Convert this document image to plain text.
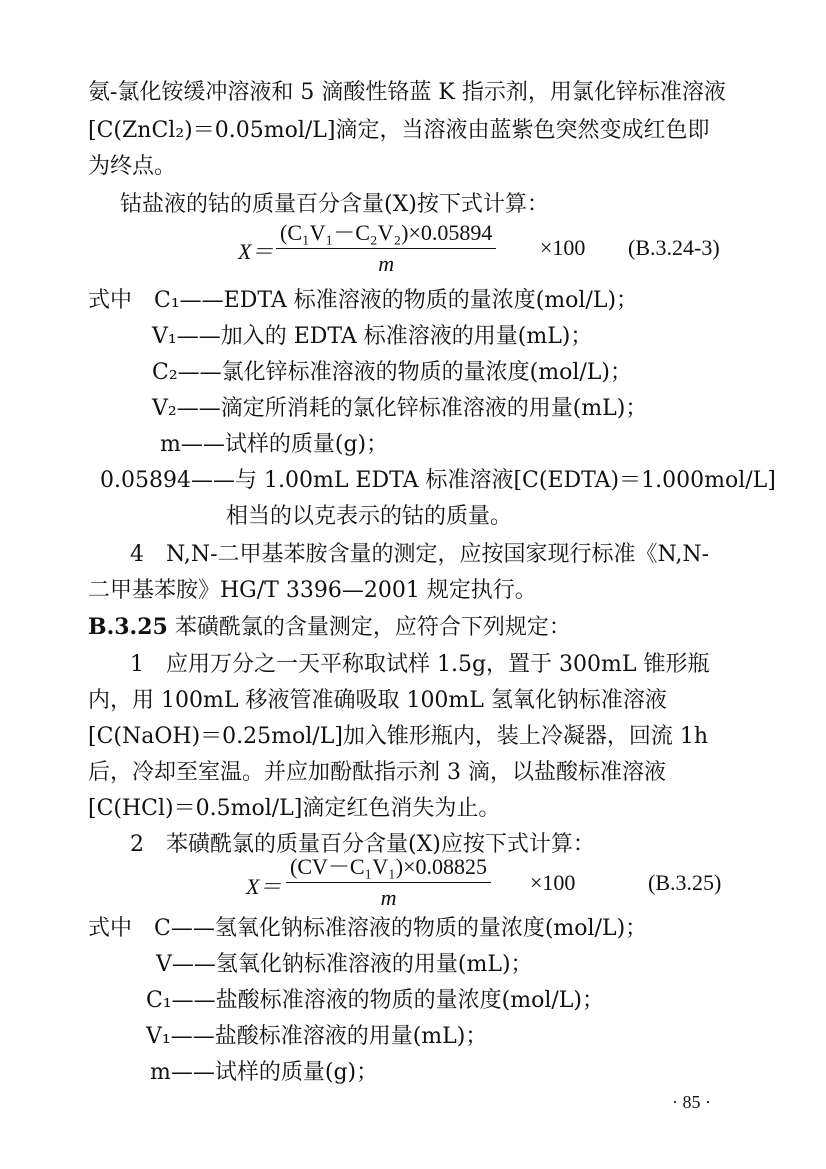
氨-氯化铵缓冲溶液和 5 滴酸性铬蓝 K 指示剂，用氯化锌标准溶液
[C(ZnCl₂)＝0.05mol/L]滴定，当溶液由蓝紫色突然变成红色即
为终点。
钴盐液的钴的质量百分含量(X)按下式计算：
$X= \frac{\text{(C₁V₁－C₂V₂)×0.05894}}{m} \times 100$ (B.3.24-3)
式中　C₁——EDTA 标准溶液的物质的量浓度(mol/L)；
V₁——加入的 EDTA 标准溶液的用量(mL)；
C₂——氯化锌标准溶液的物质的量浓度(mol/L)；
V₂——滴定所消耗的氯化锌标准溶液的用量(mL)；
m——试样的质量(g)；
0.05894——与 1.00mL EDTA 标准溶液[C(EDTA)＝1.000mol/L]
相当的以克表示的钴的质量。
4　N,N-二甲基苯胺含量的测定，应按国家现行标准《N,N-
二甲基苯胺》HG/T 3396—2001 规定执行。
B.3.25 苯磺酰氯的含量测定，应符合下列规定：
1　应用万分之一天平称取试样 1.5g，置于 300mL 锥形瓶
内，用 100mL 移液管准确吸取 100mL 氢氧化钠标准溶液
[C(NaOH)＝0.25mol/L]加入锥形瓶内，装上冷凝器，回流 1h
后，冷却至室温。并应加酚酞指示剂 3 滴，以盐酸标准溶液
[C(HCl)＝0.5mol/L]滴定红色消失为止。
2　苯磺酰氯的质量百分含量(X)应按下式计算：
$X= \frac{\text{(CV－C₁V₁)×0.08825}}{m} \times 100$	(B.3.25)
式中　C——氢氧化钠标准溶液的物质的量浓度(mol/L)；
V——氢氧化钠标准溶液的用量(mL)；
C₁——盐酸标准溶液的物质的量浓度(mol/L)；
V₁——盐酸标准溶液的用量(mL)；
m——试样的质量(g)；
· 85 ·
